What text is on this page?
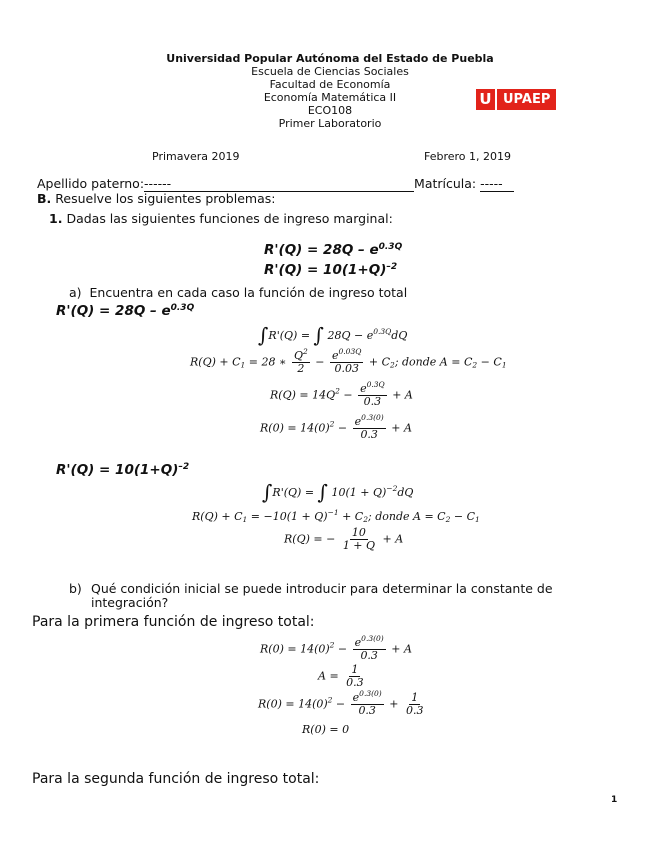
Universidad Popular Autónoma del Estado de Puebla
Escuela de Ciencias Sociales
Facultad de Economía
Economía Matemática II
ECO108
Primer Laboratorio
U UPAEP
Primavera 2019	Febrero 1, 2019
Apellido paterno:------	Matrícula: -----
B. Resuelve los siguientes problemas:
1. Dadas las siguientes funciones de ingreso marginal:
$R'(Q) = 28Q - e^{0.3Q}$
$R'(Q) = 10(1+Q)^{-2}$
a) Encuentra en cada caso la función de ingreso total
$R'(Q) = 28Q - e^{0.3Q}$
∫R'(Q) = ∫ $28Q - e^{0.3Q}dQ$
$R(Q) + C_1 = 28$ ∗ $\frac{Q^2}{2} - \frac{e^{0.03Q}}{0.03} + C_2$; donde $A = C_2 - C_1$
$R(Q) = 14Q^2 - \frac{e^{0.3Q}}{0.3} + A$
$R(0) = 14(0)^2 - \frac{e^{0.3(0)}}{0.3} + A$
$R'(Q) = 10(1+Q)^{-2}$
∫R'(Q) = ∫ $10(1 + Q)^{-2}dQ$
$R(Q) + C_1 = -10(1 + Q)^{-1} + C_2$; donde $A = C_2 - C_1$
R(Q) = − $\frac{10}{1 + Q} + A$
b) Qué condición inicial se puede introducir para determinar la constante de integración?
Para la primera función de ingreso total:
$R(0) = 14(0)^2 - \frac{e^{0.3(0)}}{0.3} + A$
$A = \frac{1}{0.3}$
$R(0) = 14(0)^2 - \frac{e^{0.3(0)}}{0.3} + \frac{1}{0.3}$
R(0) = 0
Para la segunda función de ingreso total:
1
